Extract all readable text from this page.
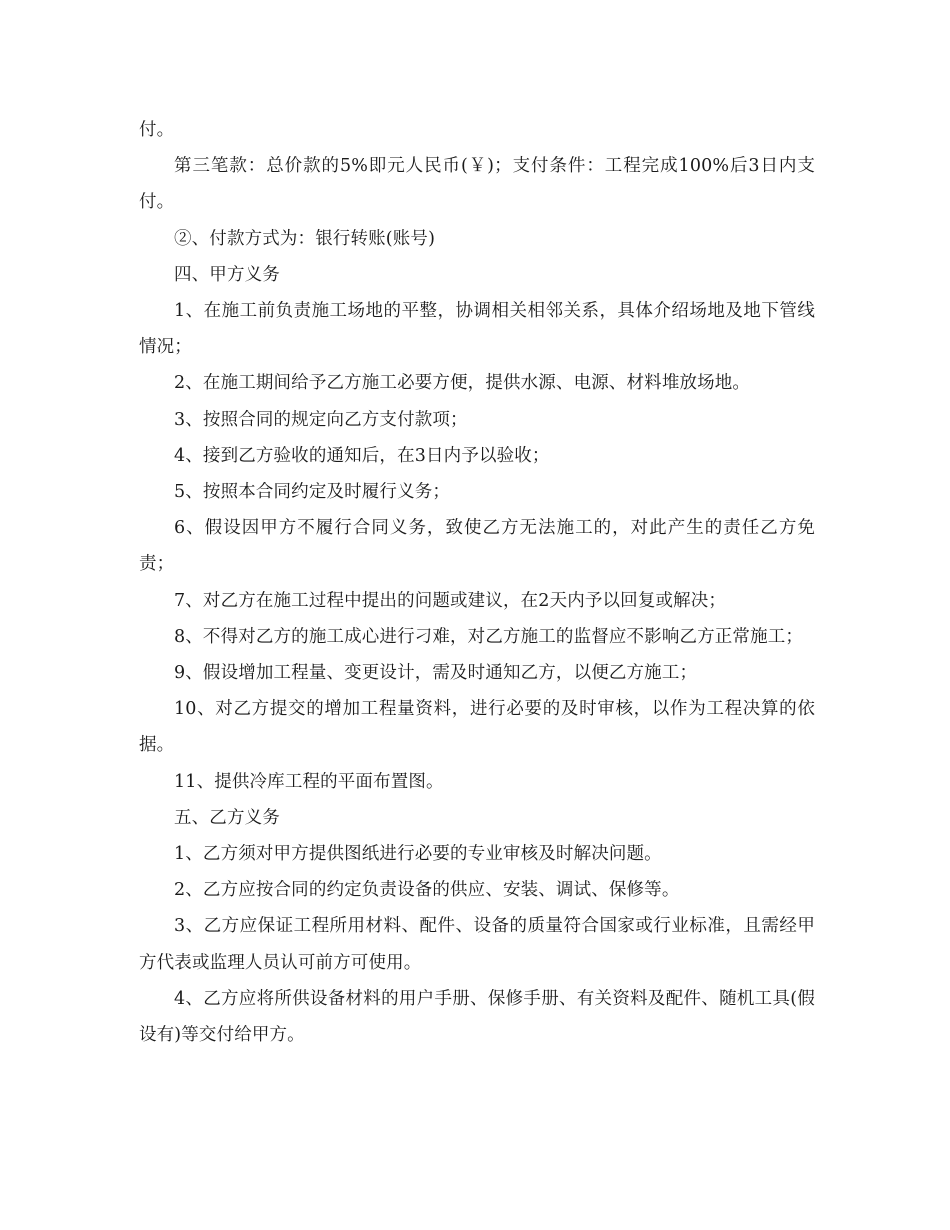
付。

第三笔款：总价款的5%即元人民币(￥)；支付条件：工程完成100%后3日内支付。

②、付款方式为：银行转账(账号)

四、甲方义务

1、在施工前负责施工场地的平整，协调相关相邻关系，具体介绍场地及地下管线情况；

2、在施工期间给予乙方施工必要方便，提供水源、电源、材料堆放场地。

3、按照合同的规定向乙方支付款项；

4、接到乙方验收的通知后，在3日内予以验收；

5、按照本合同约定及时履行义务；

6、假设因甲方不履行合同义务，致使乙方无法施工的，对此产生的责任乙方免责；

7、对乙方在施工过程中提出的问题或建议，在2天内予以回复或解决；

8、不得对乙方的施工成心进行刁难，对乙方施工的监督应不影响乙方正常施工；

9、假设增加工程量、变更设计，需及时通知乙方，以便乙方施工；

10、对乙方提交的增加工程量资料，进行必要的及时审核，以作为工程决算的依据。

11、提供冷库工程的平面布置图。

五、乙方义务

1、乙方须对甲方提供图纸进行必要的专业审核及时解决问题。

2、乙方应按合同的约定负责设备的供应、安装、调试、保修等。

3、乙方应保证工程所用材料、配件、设备的质量符合国家或行业标准，且需经甲方代表或监理人员认可前方可使用。

4、乙方应将所供设备材料的用户手册、保修手册、有关资料及配件、随机工具(假设有)等交付给甲方。
